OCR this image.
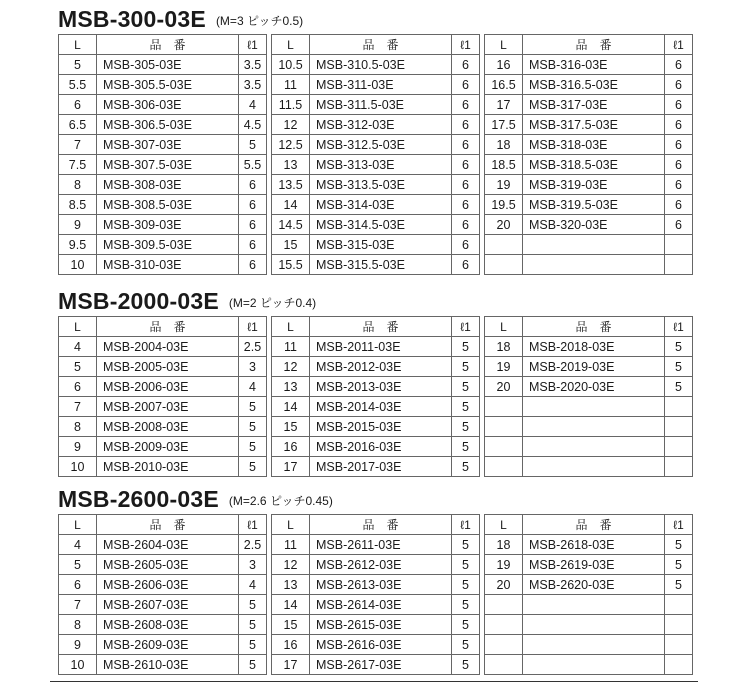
MSB-300-03E (M=3 ピッチ0.5)
L	品　番	ℓ1
5	MSB-305-03E	3.5
5.5	MSB-305.5-03E	3.5
6	MSB-306-03E	4
6.5	MSB-306.5-03E	4.5
7	MSB-307-03E	5
7.5	MSB-307.5-03E	5.5
8	MSB-308-03E	6
8.5	MSB-308.5-03E	6
9	MSB-309-03E	6
9.5	MSB-309.5-03E	6
10	MSB-310-03E	6
L	品　番	ℓ1
10.5	MSB-310.5-03E	6
11	MSB-311-03E	6
11.5	MSB-311.5-03E	6
12	MSB-312-03E	6
12.5	MSB-312.5-03E	6
13	MSB-313-03E	6
13.5	MSB-313.5-03E	6
14	MSB-314-03E	6
14.5	MSB-314.5-03E	6
15	MSB-315-03E	6
15.5	MSB-315.5-03E	6
L	品　番	ℓ1
16	MSB-316-03E	6
16.5	MSB-316.5-03E	6
17	MSB-317-03E	6
17.5	MSB-317.5-03E	6
18	MSB-318-03E	6
18.5	MSB-318.5-03E	6
19	MSB-319-03E	6
19.5	MSB-319.5-03E	6
20	MSB-320-03E	6

MSB-2000-03E (M=2 ピッチ0.4)
L	品　番	ℓ1
4	MSB-2004-03E	2.5
5	MSB-2005-03E	3
6	MSB-2006-03E	4
7	MSB-2007-03E	5
8	MSB-2008-03E	5
9	MSB-2009-03E	5
10	MSB-2010-03E	5
L	品　番	ℓ1
11	MSB-2011-03E	5
12	MSB-2012-03E	5
13	MSB-2013-03E	5
14	MSB-2014-03E	5
15	MSB-2015-03E	5
16	MSB-2016-03E	5
17	MSB-2017-03E	5
L	品　番	ℓ1
18	MSB-2018-03E	5
19	MSB-2019-03E	5
20	MSB-2020-03E	5

MSB-2600-03E (M=2.6 ピッチ0.45)
L	品　番	ℓ1
4	MSB-2604-03E	2.5
5	MSB-2605-03E	3
6	MSB-2606-03E	4
7	MSB-2607-03E	5
8	MSB-2608-03E	5
9	MSB-2609-03E	5
10	MSB-2610-03E	5
L	品　番	ℓ1
11	MSB-2611-03E	5
12	MSB-2612-03E	5
13	MSB-2613-03E	5
14	MSB-2614-03E	5
15	MSB-2615-03E	5
16	MSB-2616-03E	5
17	MSB-2617-03E	5
L	品　番	ℓ1
18	MSB-2618-03E	5
19	MSB-2619-03E	5
20	MSB-2620-03E	5
